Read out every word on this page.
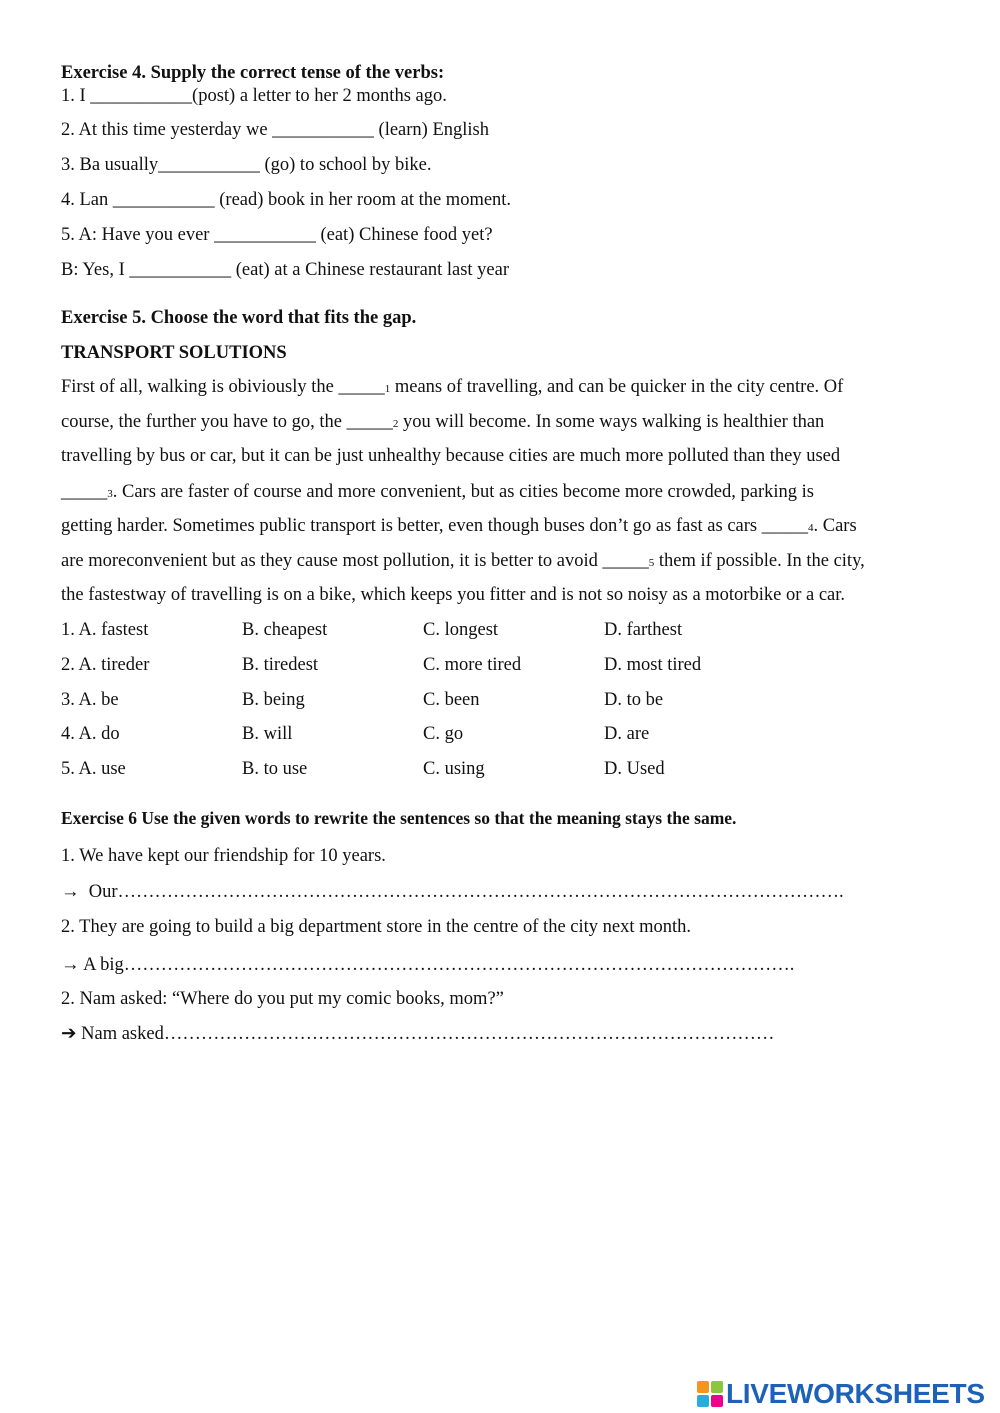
Exercise 4. Supply the correct tense of the verbs:
1. I ___________(post) a letter to her 2 months ago.
2. At this time yesterday we ___________ (learn) English
3. Ba usually___________ (go) to school by bike.
4. Lan ___________ (read) book in her room at the moment.
5. A: Have you ever ___________ (eat) Chinese food yet?
B: Yes, I ___________ (eat) at a Chinese restaurant last year
Exercise 5. Choose the word that fits the gap.
TRANSPORT SOLUTIONS
First of all, walking is obiviously the _____1 means of travelling, and can be quicker in the city centre. Of
course, the further you have to go, the _____2 you will become. In some ways walking is healthier than
travelling by bus or car, but it can be just unhealthy because cities are much more polluted than they used
_____3. Cars are faster of course and more convenient, but as cities become more crowded, parking is
getting harder. Sometimes public transport is better, even though buses don’t go as fast as cars _____4. Cars
are moreconvenient but as they cause most pollution, it is better to avoid _____5 them if possible. In the city,
the fastestway of travelling is on a bike, which keeps you fitter and is not so noisy as a motorbike or a car.
1. A. fastest	B. cheapest	C. longest	D. farthest
2. A. tireder	B. tiredest	C. more tired	D. most tired
3. A. be	B. being	C. been	D. to be
4. A. do	B. will	C. go	D. are
5. A. use	B. to use	C. using	D. Used
Exercise 6 Use the given words to rewrite the sentences so that the meaning stays the same.
1. We have kept our friendship for 10 years.
→  Our……………………………………………………………………………………………………….
2. They are going to build a big department store in the centre of the city next month.
→ A big……………………………………………………………………………………………….
2. Nam asked: “Where do you put my comic books, mom?”
➔ Nam asked………………………………………………………………………………………
LIVEWORKSHEETS
